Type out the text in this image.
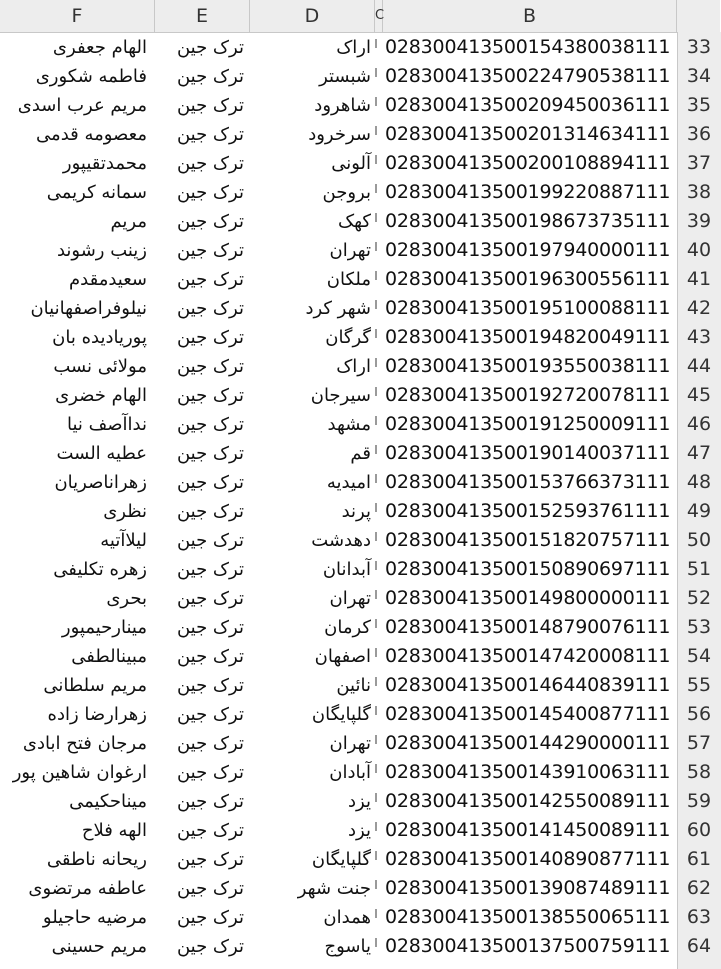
F	E	D	C	B
الهام جعفری	ترک جین	اراک 028300413500154380038111 33
فاطمه شکوری	ترک جین	شبستر 028300413500224790538111 34
مریم عرب اسدی	ترک جین	شاهرود 028300413500209450036111 35
معصومه قدمی	ترک جین	سرخرود 028300413500201314634111 36
محمدتقیپور	ترک جین	آلونی 028300413500200108894111 37
سمانه کریمی	ترک جین	بروجن 028300413500199220887111 38
مریم	ترک جین	کهک 028300413500198673735111 39
زینب رشوند	ترک جین	تهران 028300413500197940000111 40
سعیدمقدم	ترک جین	ملکان 028300413500196300556111 41
نیلوفراصفهانیان	ترک جین	شهر کرد 028300413500195100088111 42
پوریادیده بان	ترک جین	گرگان 028300413500194820049111 43
مولائی نسب	ترک جین	اراک 028300413500193550038111 44
الهام خضری	ترک جین	سیرجان 028300413500192720078111 45
نداآصف نیا	ترک جین	مشهد 028300413500191250009111 46
عطیه الست	ترک جین	قم 028300413500190140037111 47
زهراناصریان	ترک جین	امیدیه 028300413500153766373111 48
نظری	ترک جین	پرند 028300413500152593761111 49
لیلاآتیه	ترک جین	دهدشت 028300413500151820757111 50
زهره تکلیفی	ترک جین	آبدانان 028300413500150890697111 51
بحری	ترک جین	تهران 028300413500149800000111 52
مینارحیمپور	ترک جین	کرمان 028300413500148790076111 53
مبینالطفی	ترک جین	اصفهان 028300413500147420008111 54
مریم سلطانی	ترک جین	نائین 028300413500146440839111 55
زهرارضا زاده	ترک جین	گلپایگان 028300413500145400877111 56
مرجان فتح ابادی	ترک جین	تهران 028300413500144290000111 57
ارغوان شاهین پور	ترک جین	آبادان 028300413500143910063111 58
میناحکیمی	ترک جین	یزد 028300413500142550089111 59
الهه فلاح	ترک جین	یزد 028300413500141450089111 60
ریحانه ناطقی	ترک جین	گلپایگان 028300413500140890877111 61
عاطفه مرتضوی	ترک جین	جنت شهر 028300413500139087489111 62
مرضیه حاجیلو	ترک جین	همدان 028300413500138550065111 63
مریم حسینی	ترک جین	یاسوج 028300413500137500759111 64
